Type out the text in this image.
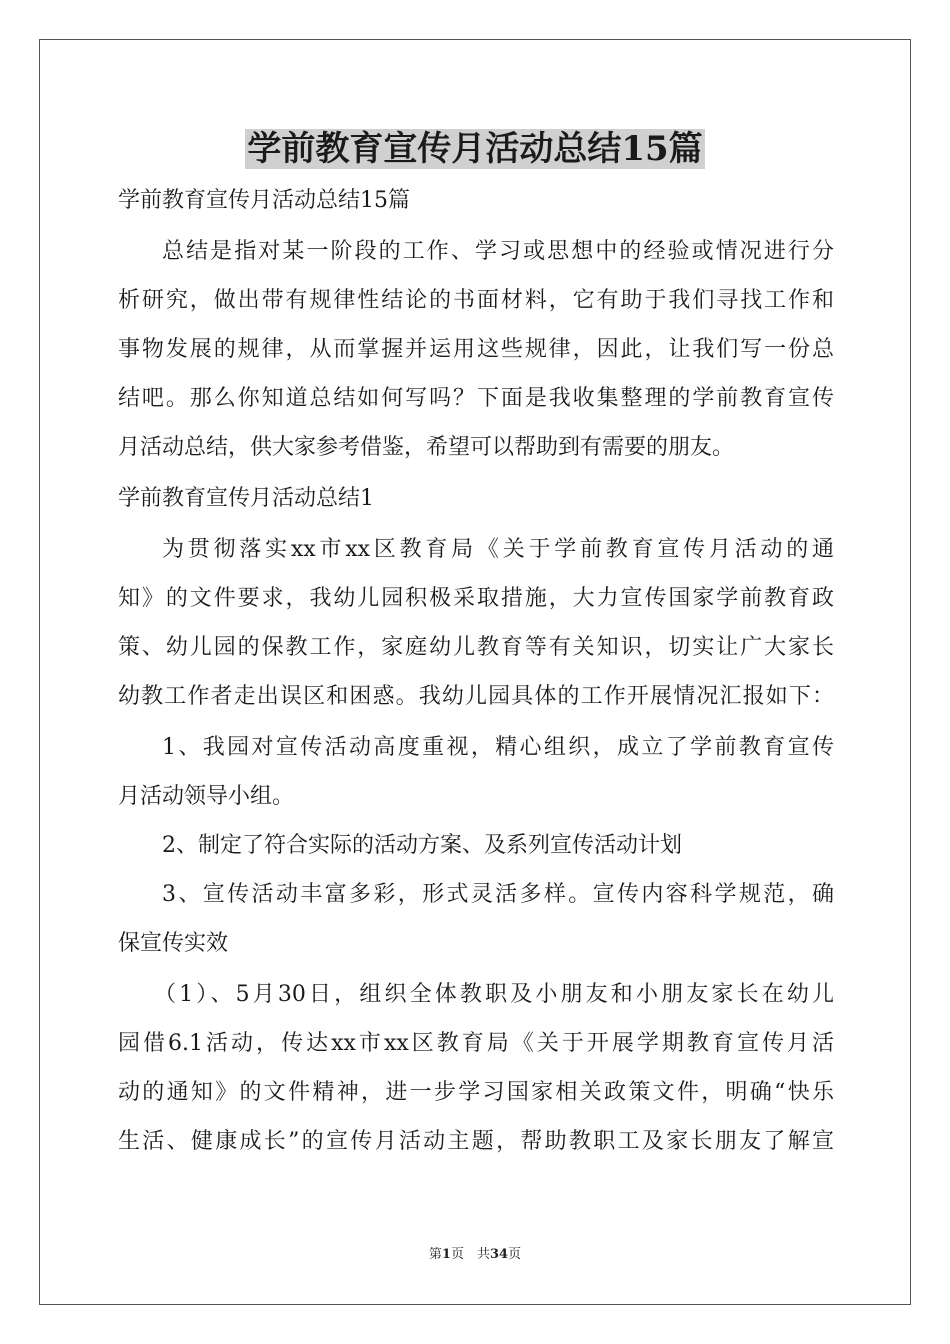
学前教育宣传月活动总结15篇

学前教育宣传月活动总结15篇

总结是指对某一阶段的工作、学习或思想中的经验或情况进行分

析研究，做出带有规律性结论的书面材料，它有助于我们寻找工作和

事物发展的规律，从而掌握并运用这些规律，因此，让我们写一份总

结吧。那么你知道总结如何写吗？下面是我收集整理的学前教育宣传

月活动总结，供大家参考借鉴，希望可以帮助到有需要的朋友。

学前教育宣传月活动总结1

为贯彻落实xx市xx区教育局《关于学前教育宣传月活动的通

知》的文件要求，我幼儿园积极采取措施，大力宣传国家学前教育政

策、幼儿园的保教工作，家庭幼儿教育等有关知识，切实让广大家长

幼教工作者走出误区和困惑。我幼儿园具体的工作开展情况汇报如下：

1、我园对宣传活动高度重视，精心组织，成立了学前教育宣传

月活动领导小组。

2、制定了符合实际的活动方案、及系列宣传活动计划

3、宣传活动丰富多彩，形式灵活多样。宣传内容科学规范，确

保宣传实效

（1）、5月30日，组织全体教职及小朋友和小朋友家长在幼儿

园借6.1活动，传达xx市xx区教育局《关于开展学期教育宣传月活

动的通知》的文件精神，进一步学习国家相关政策文件，明确“快乐

生活、健康成长”的宣传月活动主题，帮助教职工及家长朋友了解宣

第1页　共34页
